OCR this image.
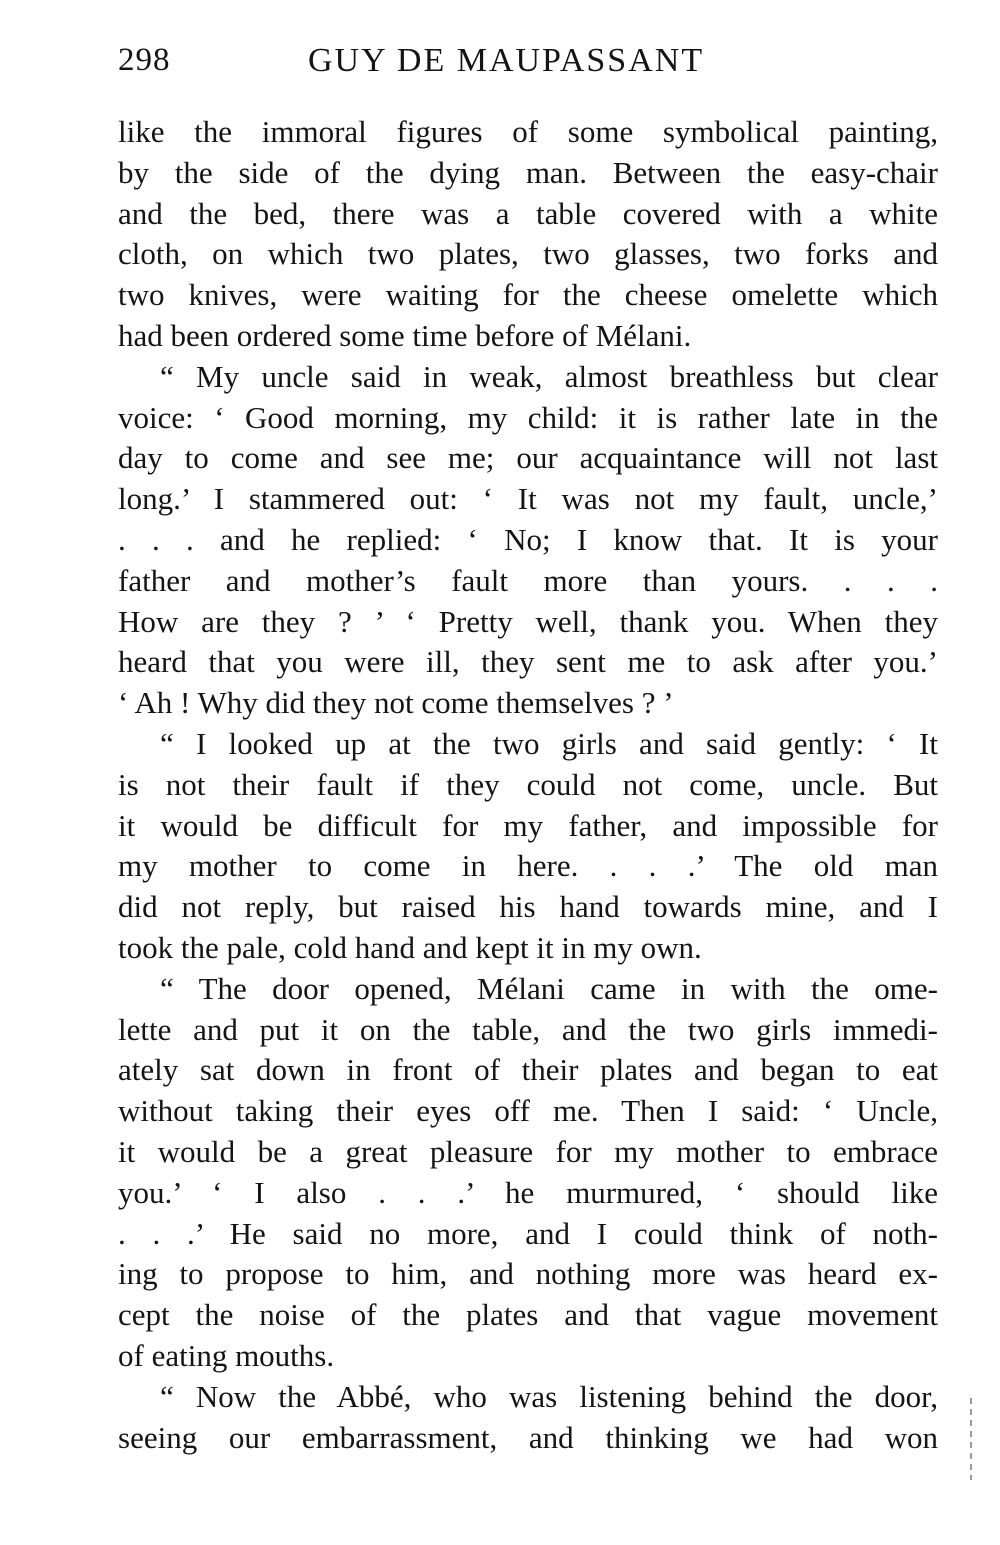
298	GUY DE MAUPASSANT
like the immoral figures of some symbolical painting,
by the side of the dying man. Between the easy-chair
and the bed, there was a table covered with a white
cloth, on which two plates, two glasses, two forks and
two knives, were waiting for the cheese omelette which
had been ordered some time before of Mélani.
“ My uncle said in weak, almost breathless but clear
voice: ‘ Good morning, my child: it is rather late in the
day to come and see me; our acquaintance will not last
long.’ I stammered out: ‘ It was not my fault, uncle,’
. . . and he replied: ‘ No; I know that. It is your
father and mother’s fault more than yours. . . .
How are they ? ’ ‘ Pretty well, thank you. When they
heard that you were ill, they sent me to ask after you.’
‘ Ah ! Why did they not come themselves ? ’
“ I looked up at the two girls and said gently: ‘ It
is not their fault if they could not come, uncle. But
it would be difficult for my father, and impossible for
my mother to come in here. . . .’ The old man
did not reply, but raised his hand towards mine, and I
took the pale, cold hand and kept it in my own.
“ The door opened, Mélani came in with the ome-
lette and put it on the table, and the two girls immedi-
ately sat down in front of their plates and began to eat
without taking their eyes off me. Then I said: ‘ Uncle,
it would be a great pleasure for my mother to embrace
you.’ ‘ I also . . .’ he murmured, ‘ should like
. . .’ He said no more, and I could think of noth-
ing to propose to him, and nothing more was heard ex-
cept the noise of the plates and that vague movement
of eating mouths.
“ Now the Abbé, who was listening behind the door,
seeing our embarrassment, and thinking we had won
